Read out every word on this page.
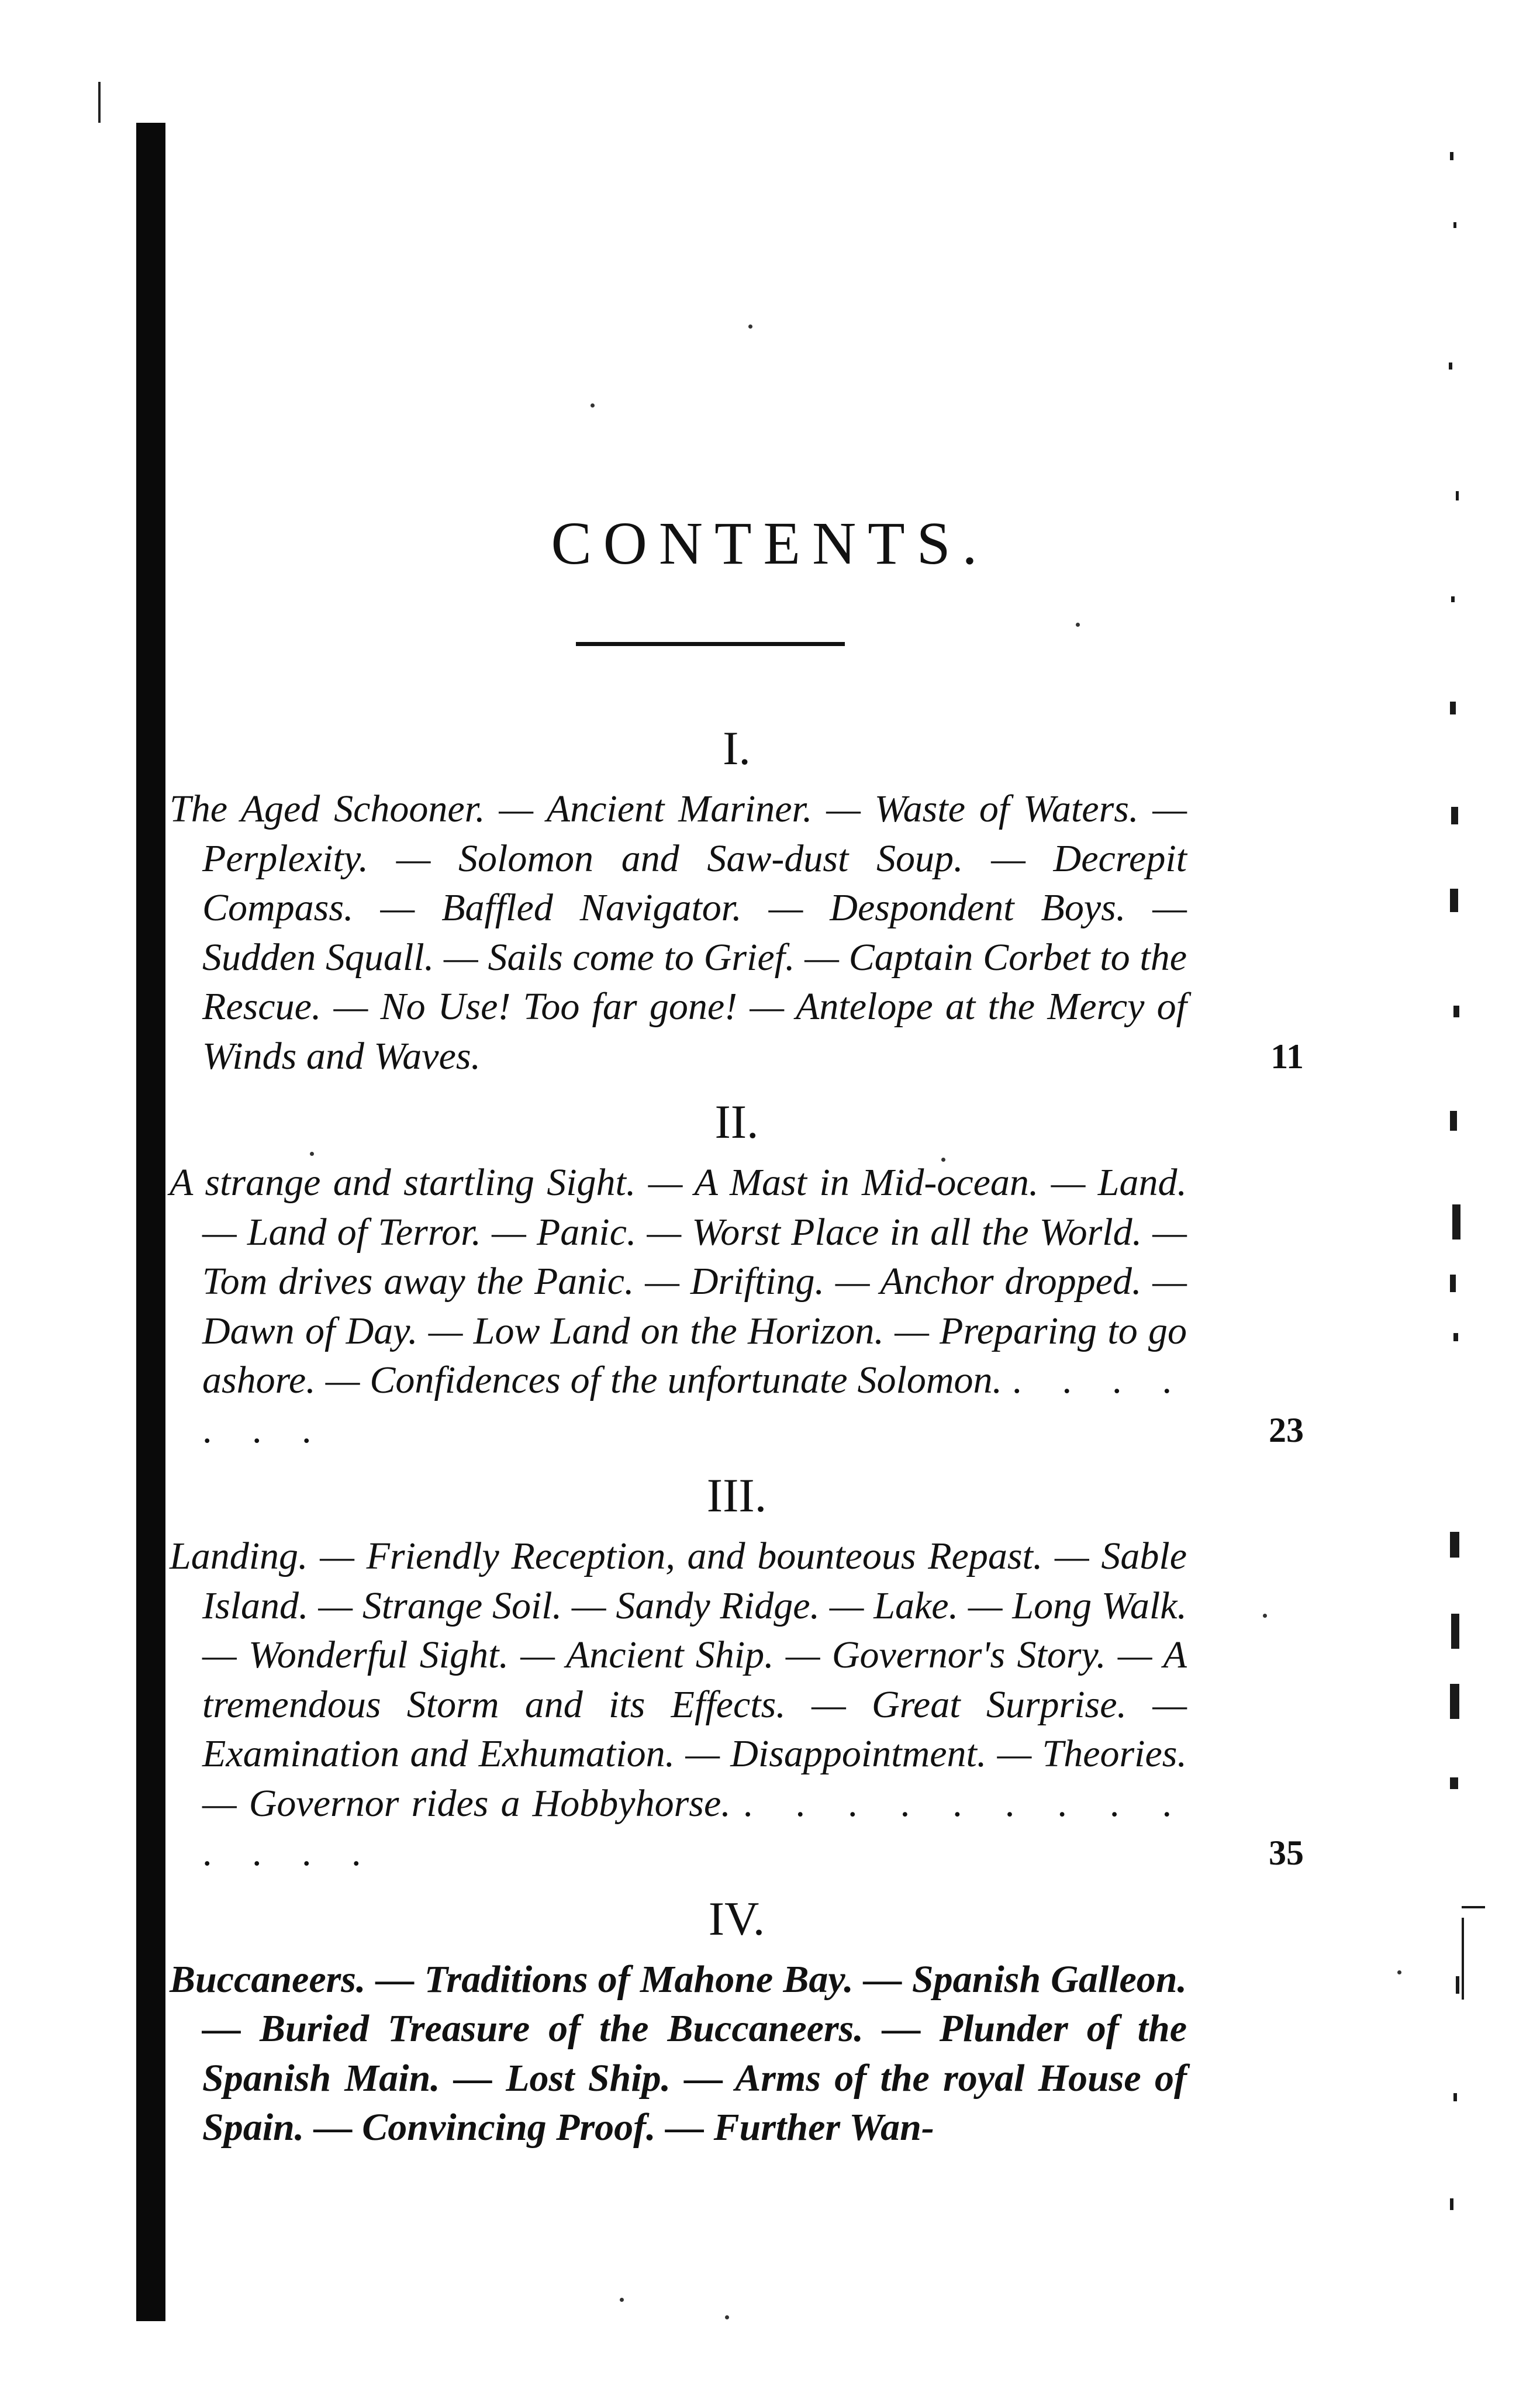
CONTENTS.
I.
The Aged Schooner. — Ancient Mariner. — Waste of Waters. — Perplexity. — Solomon and Saw-dust Soup. — Decrepit Compass. — Baffled Navigator. — Despondent Boys. — Sudden Squall. — Sails come to Grief. — Captain Corbet to the Rescue. — No Use! Too far gone! — Antelope at the Mercy of Winds and Waves.	11
II.
A strange and startling Sight. — A Mast in Mid-ocean. — Land. — Land of Terror. — Panic. — Worst Place in all the World. — Tom drives away the Panic. — Drifting. — Anchor dropped. — Dawn of Day. — Low Land on the Horizon. — Preparing to go ashore. — Confidences of the unfortunate Solomon. . . . . . . .	23
III.
Landing. — Friendly Reception, and bounteous Repast. — Sable Island. — Strange Soil. — Sandy Ridge. — Lake. — Long Walk. — Wonderful Sight. — Ancient Ship. — Governor's Story. — A tremendous Storm and its Effects. — Great Surprise. — Examination and Exhumation. — Disappointment. — Theories. — Governor rides a Hobbyhorse. . . . . . . . . . . . . .	35
IV.
Buccaneers. — Traditions of Mahone Bay. — Spanish Galleon. — Buried Treasure of the Buccaneers. — Plunder of the Spanish Main. — Lost Ship. — Arms of the royal House of Spain. — Convincing Proof. — Further Wan-
